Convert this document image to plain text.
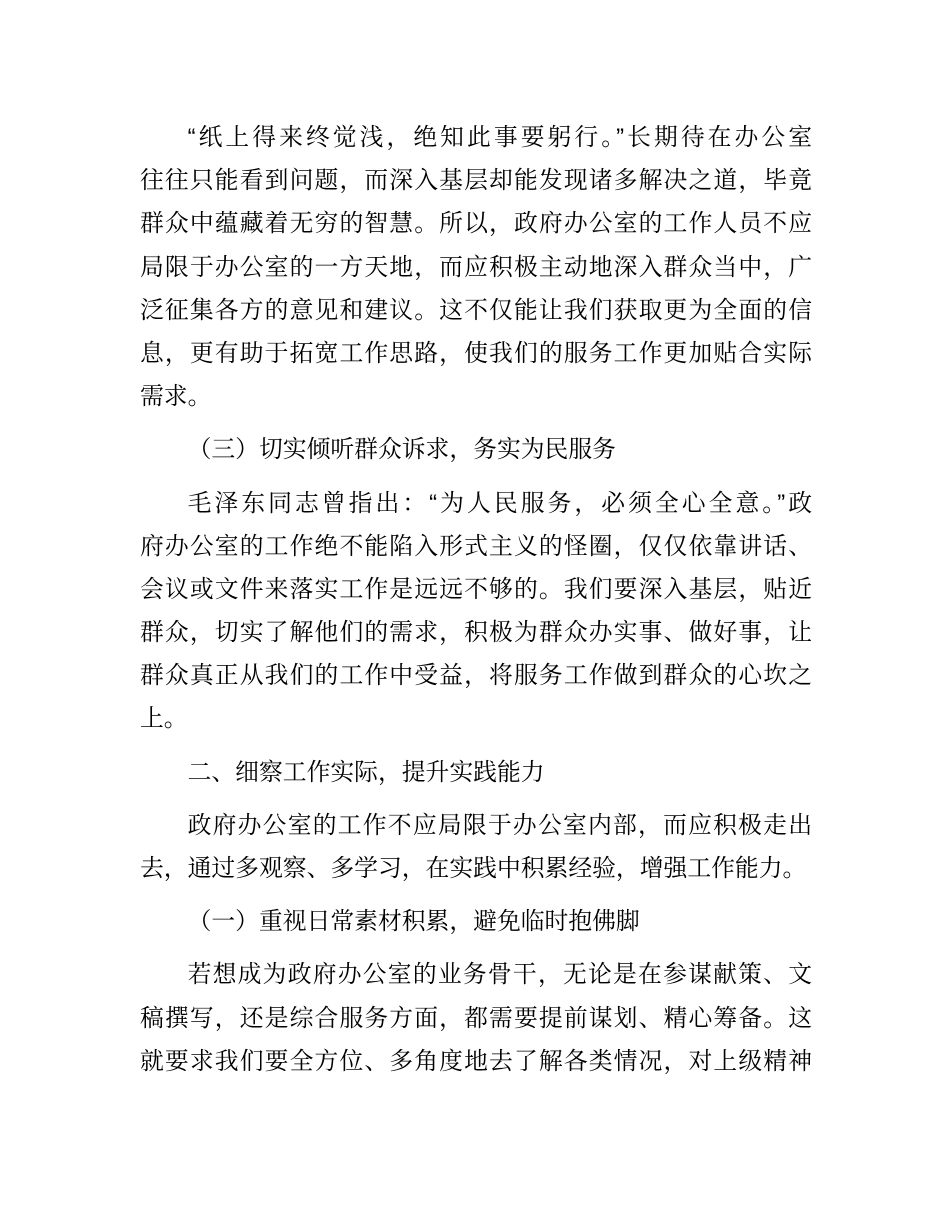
“纸上得来终觉浅，绝知此事要躬行。”长期待在办公室
往往只能看到问题，而深入基层却能发现诸多解决之道，毕竟
群众中蕴藏着无穷的智慧。所以，政府办公室的工作人员不应
局限于办公室的一方天地，而应积极主动地深入群众当中，广
泛征集各方的意见和建议。这不仅能让我们获取更为全面的信
息，更有助于拓宽工作思路，使我们的服务工作更加贴合实际
需求。
（三）切实倾听群众诉求，务实为民服务
毛泽东同志曾指出：“为人民服务，必须全心全意。”政
府办公室的工作绝不能陷入形式主义的怪圈，仅仅依靠讲话、
会议或文件来落实工作是远远不够的。我们要深入基层，贴近
群众，切实了解他们的需求，积极为群众办实事、做好事，让
群众真正从我们的工作中受益，将服务工作做到群众的心坎之
上。
二、细察工作实际，提升实践能力
政府办公室的工作不应局限于办公室内部，而应积极走出
去，通过多观察、多学习，在实践中积累经验，增强工作能力。
（一）重视日常素材积累，避免临时抱佛脚
若想成为政府办公室的业务骨干，无论是在参谋献策、文
稿撰写，还是综合服务方面，都需要提前谋划、精心筹备。这
就要求我们要全方位、多角度地去了解各类情况，对上级精神
